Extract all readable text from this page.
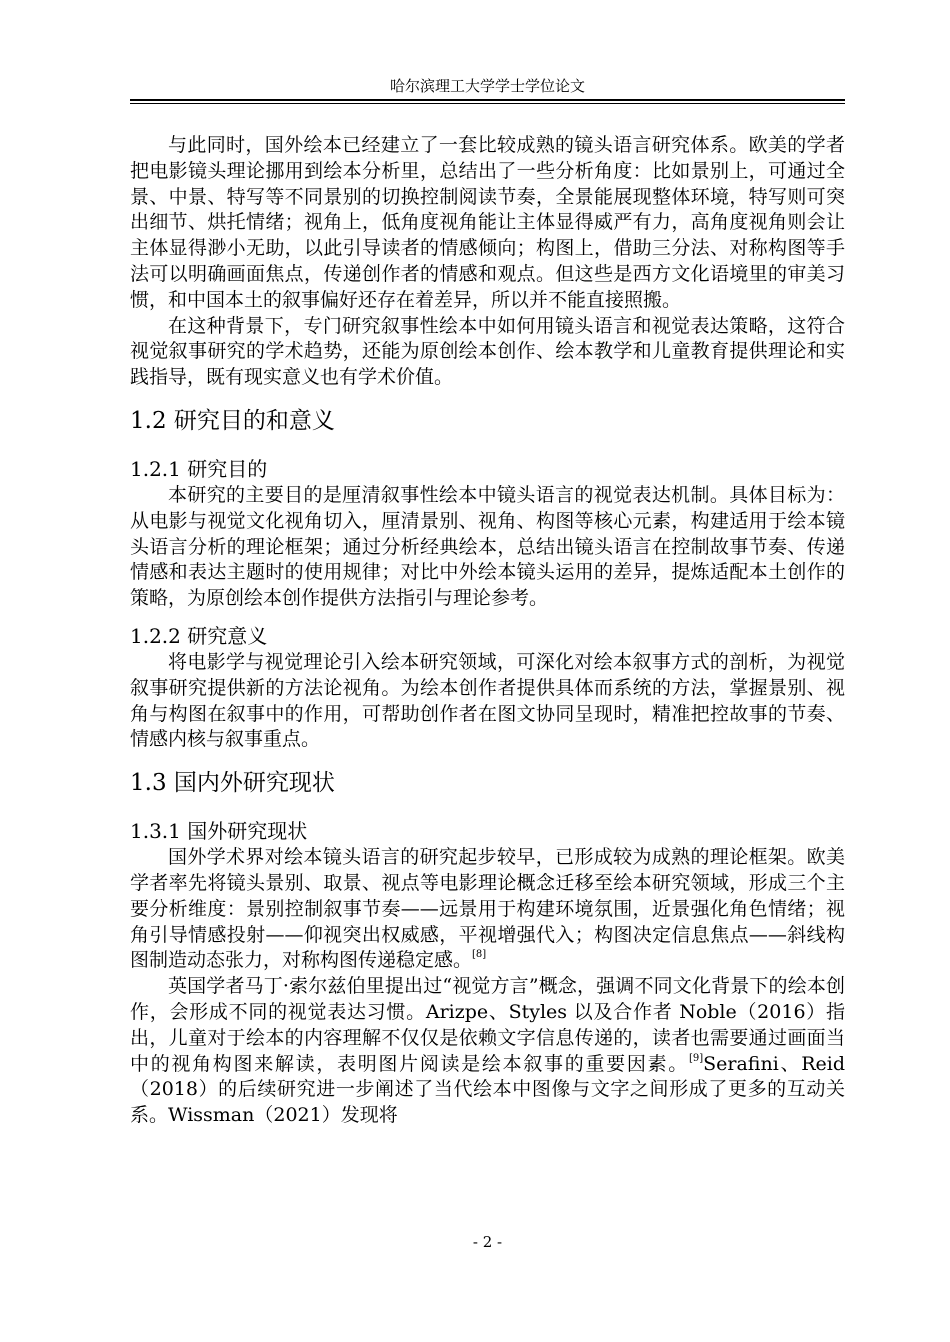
哈尔滨理工大学学士学位论文

与此同时，国外绘本已经建立了一套比较成熟的镜头语言研究体系。欧美的学者把电影镜头理论挪用到绘本分析里，总结出了一些分析角度：比如景别上，可通过全景、中景、特写等不同景别的切换控制阅读节奏，全景能展现整体环境，特写则可突出细节、烘托情绪；视角上，低角度视角能让主体显得威严有力，高角度视角则会让主体显得渺小无助，以此引导读者的情感倾向；构图上，借助三分法、对称构图等手法可以明确画面焦点，传递创作者的情感和观点。但这些是西方文化语境里的审美习惯，和中国本土的叙事偏好还存在着差异，所以并不能直接照搬。

在这种背景下，专门研究叙事性绘本中如何用镜头语言和视觉表达策略，这符合视觉叙事研究的学术趋势，还能为原创绘本创作、绘本教学和儿童教育提供理论和实践指导，既有现实意义也有学术价值。

1.2 研究目的和意义
1.2.1 研究目的

本研究的主要目的是厘清叙事性绘本中镜头语言的视觉表达机制。具体目标为：从电影与视觉文化视角切入，厘清景别、视角、构图等核心元素，构建适用于绘本镜头语言分析的理论框架；通过分析经典绘本，总结出镜头语言在控制故事节奏、传递情感和表达主题时的使用规律；对比中外绘本镜头运用的差异，提炼适配本土创作的策略，为原创绘本创作提供方法指引与理论参考。

1.2.2 研究意义

将电影学与视觉理论引入绘本研究领域，可深化对绘本叙事方式的剖析，为视觉叙事研究提供新的方法论视角。为绘本创作者提供具体而系统的方法，掌握景别、视角与构图在叙事中的作用，可帮助创作者在图文协同呈现时，精准把控故事的节奏、情感内核与叙事重点。

1.3 国内外研究现状
1.3.1 国外研究现状

国外学术界对绘本镜头语言的研究起步较早，已形成较为成熟的理论框架。欧美学者率先将镜头景别、取景、视点等电影理论概念迁移至绘本研究领域，形成三个主要分析维度：景别控制叙事节奏——远景用于构建环境氛围，近景强化角色情绪；视角引导情感投射——仰视突出权威感，平视增强代入；构图决定信息焦点——斜线构图制造动态张力，对称构图传递稳定感。[8]

英国学者马丁·索尔兹伯里提出过“视觉方言”概念，强调不同文化背景下的绘本创作，会形成不同的视觉表达习惯。Arizpe、Styles 以及合作者 Noble（2016）指出，儿童对于绘本的内容理解不仅仅是依赖文字信息传递的，读者也需要通过画面当中的视角构图来解读，表明图片阅读是绘本叙事的重要因素。[9]Serafini、Reid（2018）的后续研究进一步阐述了当代绘本中图像与文字之间形成了更多的互动关系。Wissman（2021）发现将

- 2 -
